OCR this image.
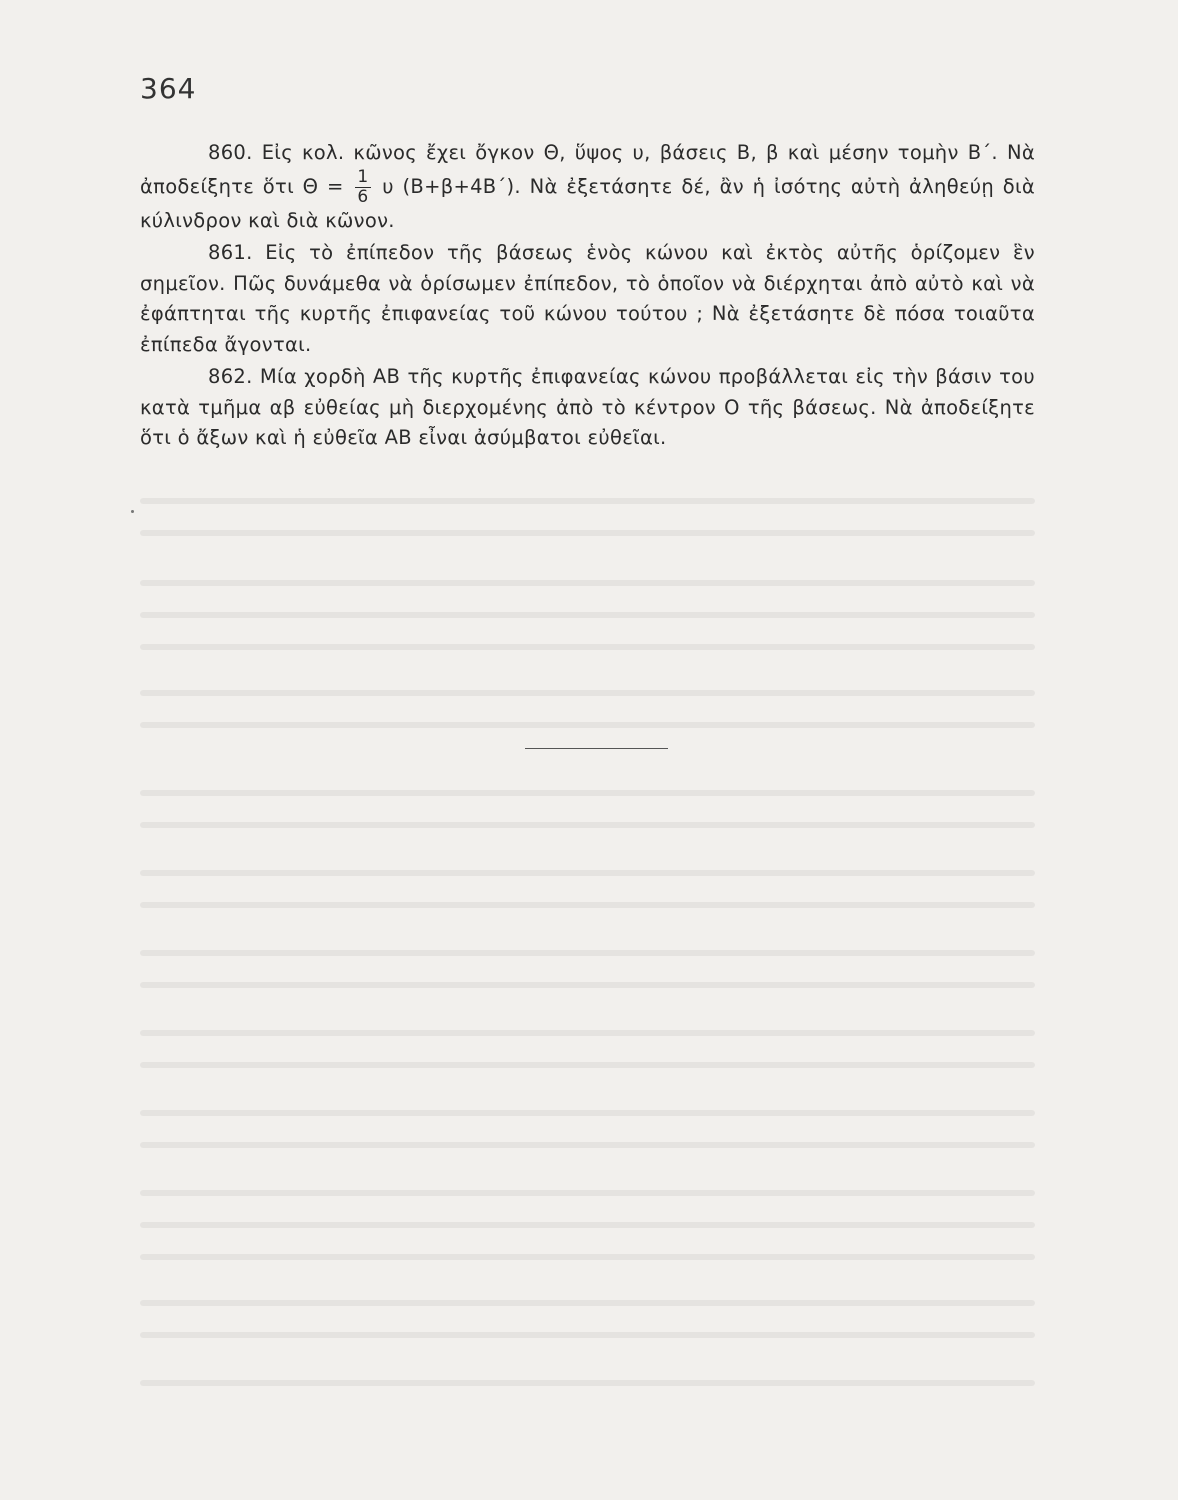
364

860. Εἰς κολ. κῶνος ἔχει ὄγκον Θ, ὕψος υ, βάσεις Β, β καὶ μέσην τομὴν Β΄. Νὰ ἀποδείξητε ὅτι $\Theta = \frac{1}{6}$ υ (Β+β+4Β΄). Νὰ ἐξετάσητε δέ, ἂν ἡ ἰσότης αὐτὴ ἀληθεύῃ διὰ κύλινδρον καὶ διὰ κῶνον.

861. Εἰς τὸ ἐπίπεδον τῆς βάσεως ἑνὸς κώνου καὶ ἐκτὸς αὐτῆς ὁρίζομεν ἓν σημεῖον. Πῶς δυνάμεθα νὰ ὁρίσωμεν ἐπίπεδον, τὸ ὁποῖον νὰ διέρχηται ἀπὸ αὐτὸ καὶ νὰ ἐφάπτηται τῆς κυρτῆς ἐπιφανείας τοῦ κώνου τούτου ; Νὰ ἐξετάσητε δὲ πόσα τοιαῦτα ἐπίπεδα ἄγονται.

862. Μία χορδὴ ΑΒ τῆς κυρτῆς ἐπιφανείας κώνου προβάλλεται εἰς τὴν βάσιν του κατὰ τμῆμα αβ εὐθείας μὴ διερχομένης ἀπὸ τὸ κέντρον Ο τῆς βάσεως. Νὰ ἀποδείξητε ὅτι ὁ ἄξων καὶ ἡ εὐθεῖα ΑΒ εἶναι ἀσύμβατοι εὐθεῖαι.
